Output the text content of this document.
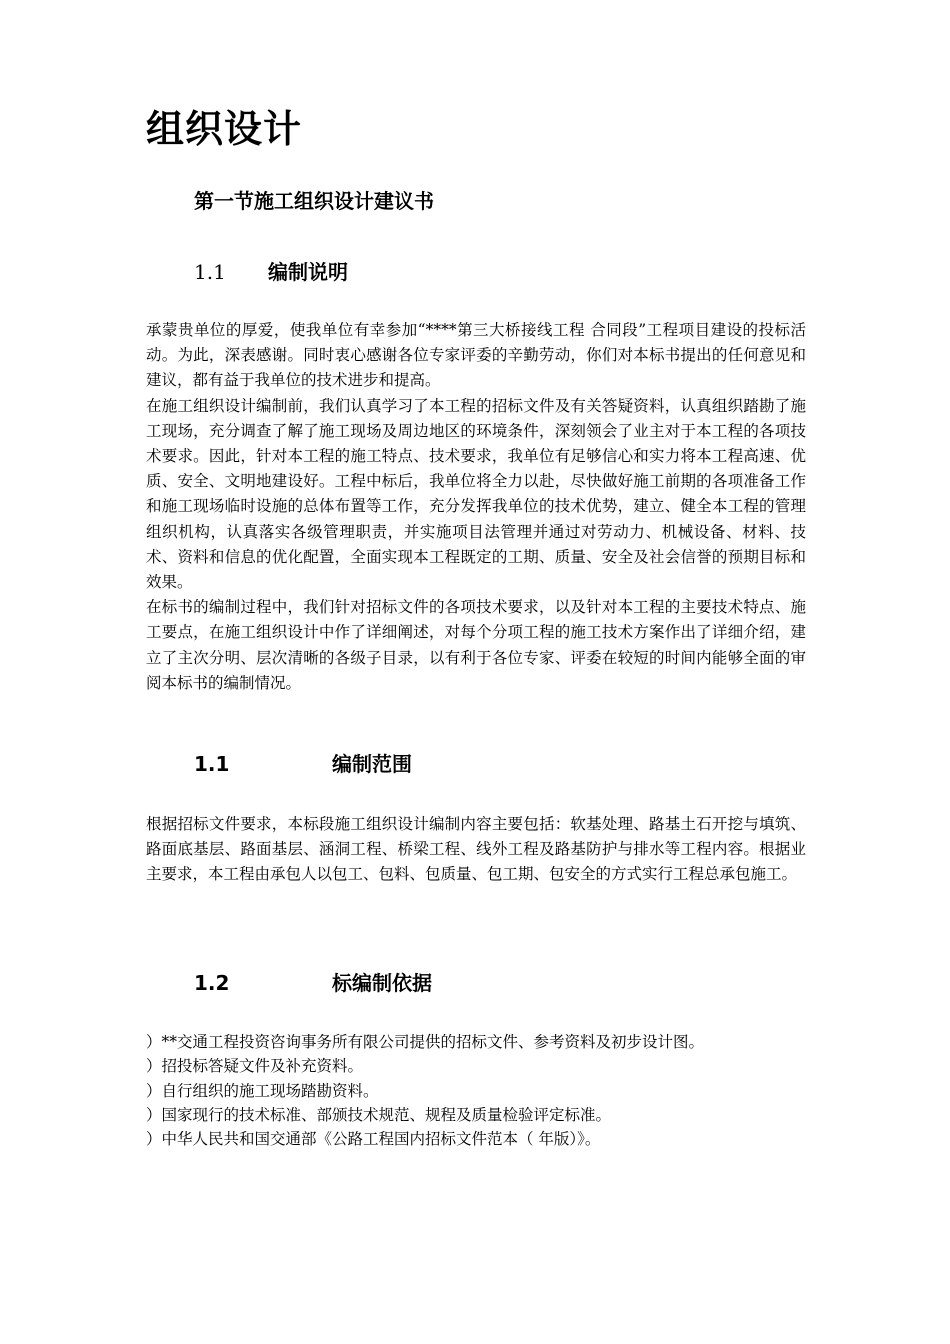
组织设计
第一节施工组织设计建议书
1.1 编制说明

承蒙贵单位的厚爱，使我单位有幸参加“****第三大桥接线工程 合同段”工程项目建设的投标活动。为此，深表感谢。同时衷心感谢各位专家评委的辛勤劳动，你们对本标书提出的任何意见和建议，都有益于我单位的技术进步和提高。

在施工组织设计编制前，我们认真学习了本工程的招标文件及有关答疑资料，认真组织踏勘了施工现场，充分调查了解了施工现场及周边地区的环境条件，深刻领会了业主对于本工程的各项技术要求。因此，针对本工程的施工特点、技术要求，我单位有足够信心和实力将本工程高速、优质、安全、文明地建设好。工程中标后，我单位将全力以赴，尽快做好施工前期的各项准备工作和施工现场临时设施的总体布置等工作，充分发挥我单位的技术优势，建立、健全本工程的管理组织机构，认真落实各级管理职责，并实施项目法管理并通过对劳动力、机械设备、材料、技术、资料和信息的优化配置，全面实现本工程既定的工期、质量、安全及社会信誉的预期目标和效果。

在标书的编制过程中，我们针对招标文件的各项技术要求，以及针对本工程的主要技术特点、施工要点，在施工组织设计中作了详细阐述，对每个分项工程的施工技术方案作出了详细介绍，建立了主次分明、层次清晰的各级子目录，以有利于各位专家、评委在较短的时间内能够全面的审阅本标书的编制情况。

1.1	编制范围

根据招标文件要求，本标段施工组织设计编制内容主要包括：软基处理、路基土石开挖与填筑、路面底基层、路面基层、涵洞工程、桥梁工程、线外工程及路基防护与排水等工程内容。根据业主要求，本工程由承包人以包工、包料、包质量、包工期、包安全的方式实行工程总承包施工。

1.2	标编制依据
）**交通工程投资咨询事务所有限公司提供的招标文件、参考资料及初步设计图。
）招投标答疑文件及补充资料。
）自行组织的施工现场踏勘资料。
）国家现行的技术标准、部颁技术规范、规程及质量检验评定标准。
）中华人民共和国交通部《公路工程国内招标文件范本（ 年版）》。
